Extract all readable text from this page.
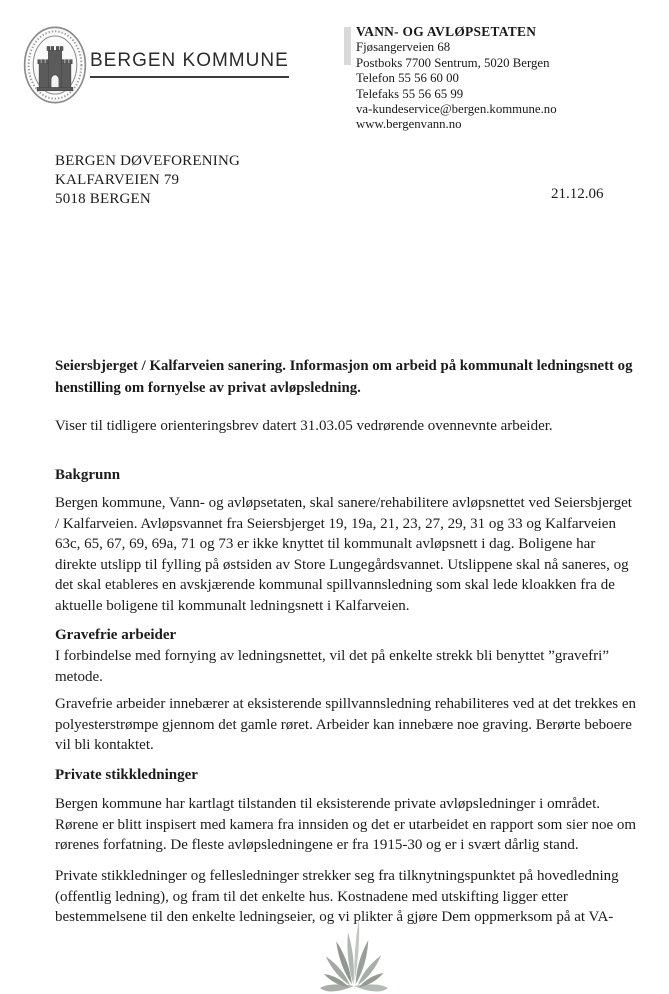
BERGEN KOMMUNE
VANN- OG AVLØPSETATEN
Fjøsangerveien 68
Postboks 7700 Sentrum, 5020 Bergen
Telefon 55 56 60 00
Telefaks 55 56 65 99
va-kundeservice@bergen.kommune.no
www.bergenvann.no
BERGEN DØVEFORENING
KALFARVEIEN 79
5018 BERGEN	21.12.06
Seiersbjerget / Kalfarveien sanering. Informasjon om arbeid på kommunalt ledningsnett og henstilling om fornyelse av privat avløpsledning.
Viser til tidligere orienteringsbrev datert 31.03.05 vedrørende ovennevnte arbeider.
Bakgrunn
Bergen kommune, Vann- og avløpsetaten, skal sanere/rehabilitere avløpsnettet ved Seiersbjerget / Kalfarveien. Avløpsvannet fra Seiersbjerget 19, 19a, 21, 23, 27, 29, 31 og 33 og Kalfarveien 63c, 65, 67, 69, 69a, 71 og 73 er ikke knyttet til kommunalt avløpsnett i dag. Boligene har direkte utslipp til fylling på østsiden av Store Lungegårdsvannet. Utslippene skal nå saneres, og det skal etableres en avskjærende kommunal spillvannsledning som skal lede kloakken fra de aktuelle boligene til kommunalt ledningsnett i Kalfarveien.
Gravefrie arbeider
I forbindelse med fornying av ledningsnettet, vil det på enkelte strekk bli benyttet ”gravefri” metode.
Gravefrie arbeider innebærer at eksisterende spillvannsledning rehabiliteres ved at det trekkes en polyesterstrømpe gjennom det gamle røret. Arbeider kan innebære noe graving. Berørte beboere vil bli kontaktet.
Private stikkledninger
Bergen kommune har kartlagt tilstanden til eksisterende private avløpsledninger i området. Rørene er blitt inspisert med kamera fra innsiden og det er utarbeidet en rapport som sier noe om rørenes forfatning. De fleste avløpsledningene er fra 1915-30 og er i svært dårlig stand.
Private stikkledninger og fellesledninger strekker seg fra tilknytningspunktet på hovedledning (offentlig ledning), og fram til det enkelte hus. Kostnadene med utskifting ligger etter bestemmelsene til den enkelte ledningseier, og vi plikter å gjøre Dem oppmerksom på at VA-
